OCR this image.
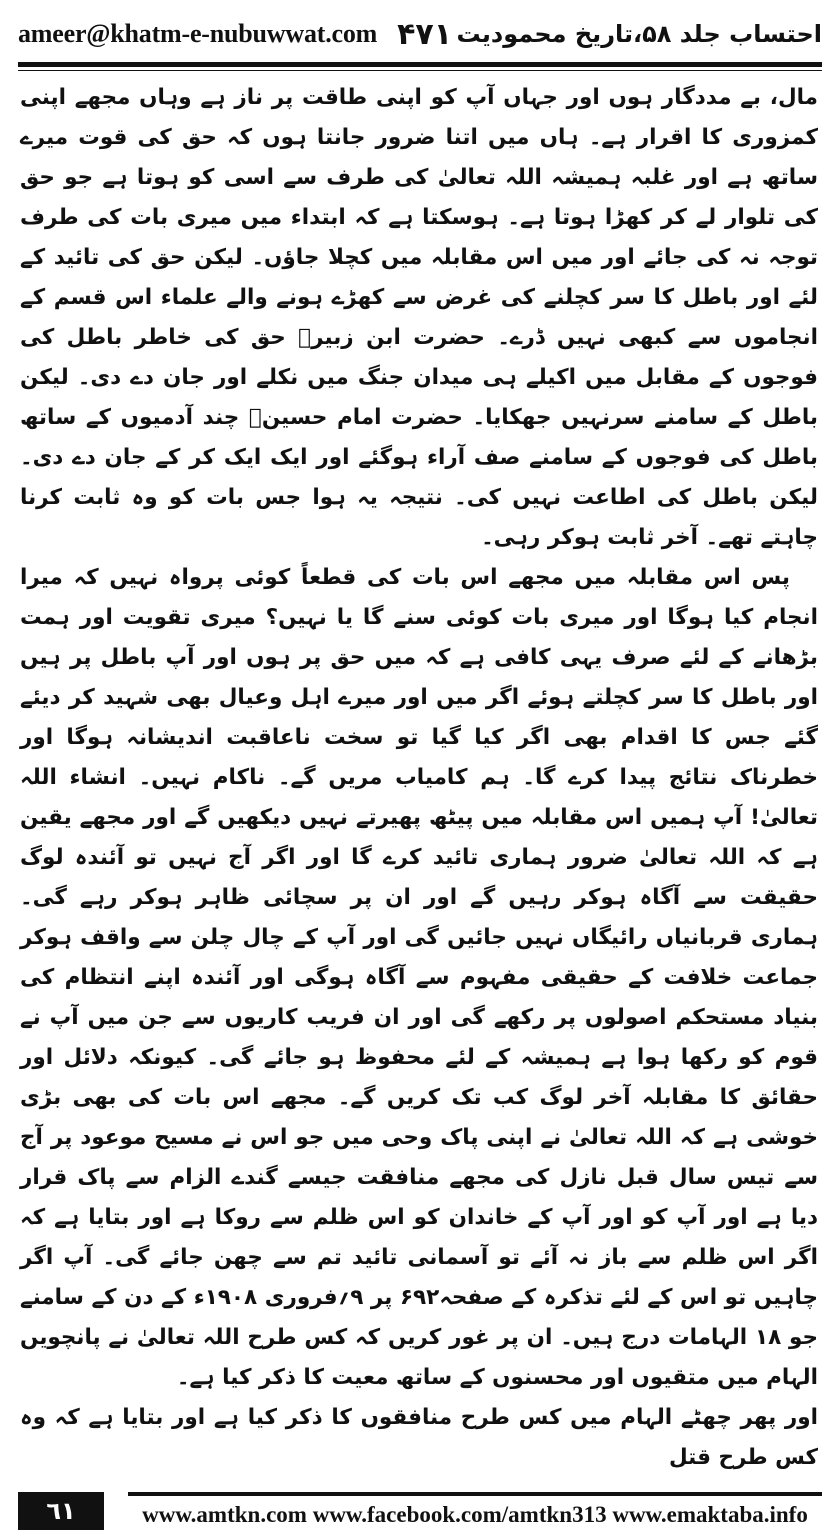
ameer@khatm-e-nubuwwat.com ۴۷۱ احتساب جلد ۵۸،تاریخ محمودیت

مال، بے مددگار ہوں اور جہاں آپ کو اپنی طاقت پر ناز ہے وہاں مجھے اپنی کمزوری کا اقرار ہے۔ ہاں میں اتنا ضرور جانتا ہوں کہ حق کی قوت میرے ساتھ ہے اور غلبہ ہمیشہ اللہ تعالیٰ کی طرف سے اسی کو ہوتا ہے جو حق کی تلوار لے کر کھڑا ہوتا ہے۔ ہوسکتا ہے کہ ابتداء میں میری بات کی طرف توجہ نہ کی جائے اور میں اس مقابلہ میں کچلا جاؤں۔ لیکن حق کی تائید کے لئے اور باطل کا سر کچلنے کی غرض سے کھڑے ہونے والے علماء اس قسم کے انجاموں سے کبھی نہیں ڈرے۔ حضرت ابن زبیرؓ حق کی خاطر باطل کی فوجوں کے مقابل میں اکیلے ہی میدان جنگ میں نکلے اور جان دے دی۔ لیکن باطل کے سامنے سرنہیں جھکایا۔ حضرت امام حسینؓ چند آدمیوں کے ساتھ باطل کی فوجوں کے سامنے صف آراء ہوگئے اور ایک ایک کر کے جان دے دی۔ لیکن باطل کی اطاعت نہیں کی۔ نتیجہ یہ ہوا جس بات کو وہ ثابت کرنا چاہتے تھے۔ آخر ثابت ہوکر رہی۔

پس اس مقابلہ میں مجھے اس بات کی قطعاً کوئی پرواہ نہیں کہ میرا انجام کیا ہوگا اور میری بات کوئی سنے گا یا نہیں؟ میری تقویت اور ہمت بڑھانے کے لئے صرف یہی کافی ہے کہ میں حق پر ہوں اور آپ باطل پر ہیں اور باطل کا سر کچلتے ہوئے اگر میں اور میرے اہل وعیال بھی شہید کر دیئے گئے جس کا اقدام بھی اگر کیا گیا تو سخت ناعاقبت اندیشانہ ہوگا اور خطرناک نتائج پیدا کرے گا۔ ہم کامیاب مریں گے۔ ناکام نہیں۔ انشاء اللہ تعالیٰ! آپ ہمیں اس مقابلہ میں پیٹھ پھیرتے نہیں دیکھیں گے اور مجھے یقین ہے کہ اللہ تعالیٰ ضرور ہماری تائید کرے گا اور اگر آج نہیں تو آئندہ لوگ حقیقت سے آگاہ ہوکر رہیں گے اور ان پر سچائی ظاہر ہوکر رہے گی۔ ہماری قربانیاں رائیگاں نہیں جائیں گی اور آپ کے چال چلن سے واقف ہوکر جماعت خلافت کے حقیقی مفہوم سے آگاہ ہوگی اور آئندہ اپنے انتظام کی بنیاد مستحکم اصولوں پر رکھے گی اور ان فریب کاریوں سے جن میں آپ نے قوم کو رکھا ہوا ہے ہمیشہ کے لئے محفوظ ہو جائے گی۔ کیونکہ دلائل اور حقائق کا مقابلہ آخر لوگ کب تک کریں گے۔ مجھے اس بات کی بھی بڑی خوشی ہے کہ اللہ تعالیٰ نے اپنی پاک وحی میں جو اس نے مسیح موعود پر آج سے تیس سال قبل نازل کی مجھے منافقت جیسے گندے الزام سے پاک قرار دیا ہے اور آپ کو اور آپ کے خاندان کو اس ظلم سے روکا ہے اور بتایا ہے کہ اگر اس ظلم سے باز نہ آئے تو آسمانی تائید تم سے چھن جائے گی۔ آپ اگر چاہیں تو اس کے لئے تذکرہ کے صفحہ۶۹۲ پر ۹؍فروری ۱۹۰۸ء کے دن کے سامنے جو ۱۸ الہامات درج ہیں۔ ان پر غور کریں کہ کس طرح اللہ تعالیٰ نے پانچویں الہام میں متقیوں اور محسنوں کے ساتھ معیت کا ذکر کیا ہے۔

اور پھر چھٹے الہام میں کس طرح منافقوں کا ذکر کیا ہے اور بتایا ہے کہ وہ کس طرح قتل

٦١	www.amtkn.com www.facebook.com/amtkn313 www.emaktaba.info
